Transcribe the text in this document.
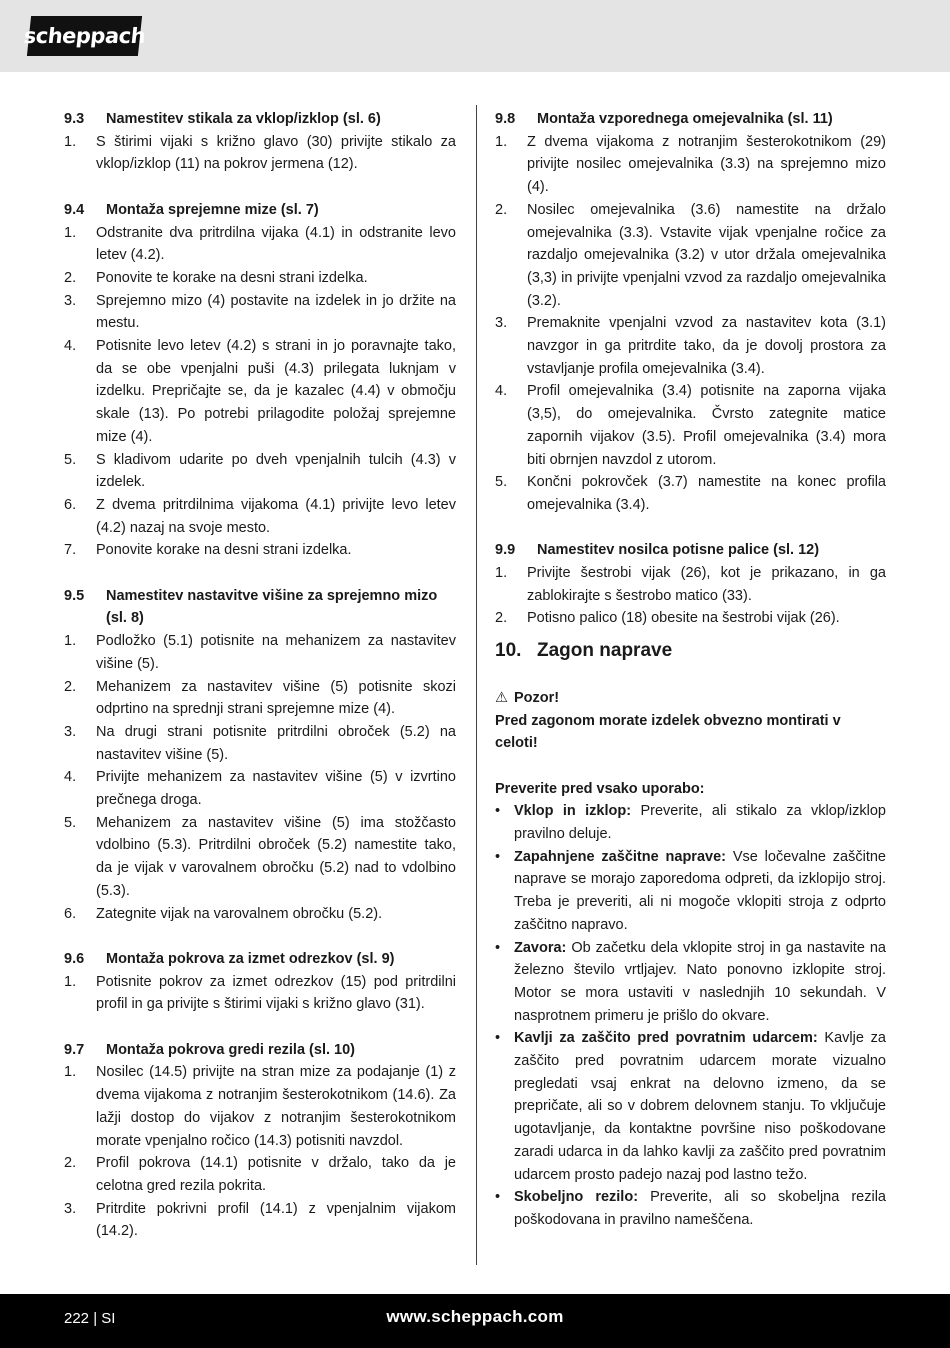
scheppach
9.3	Namestitev stikala za vklop/izklop (sl. 6)
1.	S štirimi vijaki s križno glavo (30) privijte stikalo za vklop/izklop (11) na pokrov jermena (12).
9.4	Montaža sprejemne mize (sl. 7)
1.	Odstranite dva pritrdilna vijaka (4.1) in odstranite levo letev (4.2).
2.	Ponovite te korake na desni strani izdelka.
3.	Sprejemno mizo (4) postavite na izdelek in jo držite na mestu.
4.	Potisnite levo letev (4.2) s strani in jo poravnajte tako, da se obe vpenjalni puši (4.3) prilegata luknjam v izdelku. Prepričajte se, da je kazalec (4.4) v območju skale (13). Po potrebi prilagodite položaj sprejemne mize (4).
5.	S kladivom udarite po dveh vpenjalnih tulcih (4.3) v izdelek.
6.	Z dvema pritrdilnima vijakoma (4.1) privijte levo letev (4.2) nazaj na svoje mesto.
7.	Ponovite korake na desni strani izdelka.
9.5	Namestitev nastavitve višine za sprejemno mizo (sl. 8)
1.	Podložko (5.1) potisnite na mehanizem za nastavitev višine (5).
2.	Mehanizem za nastavitev višine (5) potisnite skozi odprtino na sprednji strani sprejemne mize (4).
3.	Na drugi strani potisnite pritrdilni obroček (5.2) na nastavitev višine (5).
4.	Privijte mehanizem za nastavitev višine (5) v izvrtino prečnega droga.
5.	Mehanizem za nastavitev višine (5) ima stožčasto vdolbino (5.3). Pritrdilni obroček (5.2) namestite tako, da je vijak v varovalnem obročku (5.2) nad to vdolbino (5.3).
6.	Zategnite vijak na varovalnem obročku (5.2).
9.6	Montaža pokrova za izmet odrezkov (sl. 9)
1.	Potisnite pokrov za izmet odrezkov (15) pod pritrdilni profil in ga privijte s štirimi vijaki s križno glavo (31).
9.7	Montaža pokrova gredi rezila (sl. 10)
1.	Nosilec (14.5) privijte na stran mize za podajanje (1) z dvema vijakoma z notranjim šesterokotnikom (14.6). Za lažji dostop do vijakov z notranjim šesterokotnikom morate vpenjalno ročico (14.3) potisniti navzdol.
2.	Profil pokrova (14.1) potisnite v držalo, tako da je celotna gred rezila pokrita.
3.	Pritrdite pokrivni profil (14.1) z vpenjalnim vijakom (14.2).
9.8	Montaža vzporednega omejevalnika (sl. 11)
1.	Z dvema vijakoma z notranjim šesterokotnikom (29) privijte nosilec omejevalnika (3.3) na sprejemno mizo (4).
2.	Nosilec omejevalnika (3.6) namestite na držalo omejevalnika (3.3). Vstavite vijak vpenjalne ročice za razdaljo omejevalnika (3.2) v utor držala omejevalnika (3,3) in privijte vpenjalni vzvod za razdaljo omejevalnika (3.2).
3.	Premaknite vpenjalni vzvod za nastavitev kota (3.1) navzgor in ga pritrdite tako, da je dovolj prostora za vstavljanje profila omejevalnika (3.4).
4.	Profil omejevalnika (3.4) potisnite na zaporna vijaka (3,5), do omejevalnika. Čvrsto zategnite matice zapornih vijakov (3.5). Profil omejevalnika (3.4) mora biti obrnjen navzdol z utorom.
5.	Končni pokrovček (3.7) namestite na konec profila omejevalnika (3.4).
9.9	Namestitev nosilca potisne palice (sl. 12)
1.	Privijte šestrobi vijak (26), kot je prikazano, in ga zablokirajte s šestrobo matico (33).
2.	Potisno palico (18) obesite na šestrobi vijak (26).
10. Zagon naprave
⚠ Pozor!
Pred zagonom morate izdelek obvezno montirati v celoti!
Preverite pred vsako uporabo:
• Vklop in izklop: Preverite, ali stikalo za vklop/izklop pravilno deluje.
• Zapahnjene zaščitne naprave: Vse ločevalne zaščitne naprave se morajo zaporedoma odpreti, da izklopijo stroj. Treba je preveriti, ali ni mogoče vklopiti stroja z odprto zaščitno napravo.
• Zavora: Ob začetku dela vklopite stroj in ga nastavite na železno število vrtljajev. Nato ponovno izklopite stroj. Motor se mora ustaviti v naslednjih 10 sekundah. V nasprotnem primeru je prišlo do okvare.
• Kavlji za zaščito pred povratnim udarcem: Kavlje za zaščito pred povratnim udarcem morate vizualno pregledati vsaj enkrat na delovno izmeno, da se prepričate, ali so v dobrem delovnem stanju. To vključuje ugotavljanje, da kontaktne površine niso poškodovane zaradi udarca in da lahko kavlji za zaščito pred povratnim udarcem prosto padejo nazaj pod lastno težo.
• Skobeljno rezilo: Preverite, ali so skobeljna rezila poškodovana in pravilno nameščena.
222 | SI	www.scheppach.com
